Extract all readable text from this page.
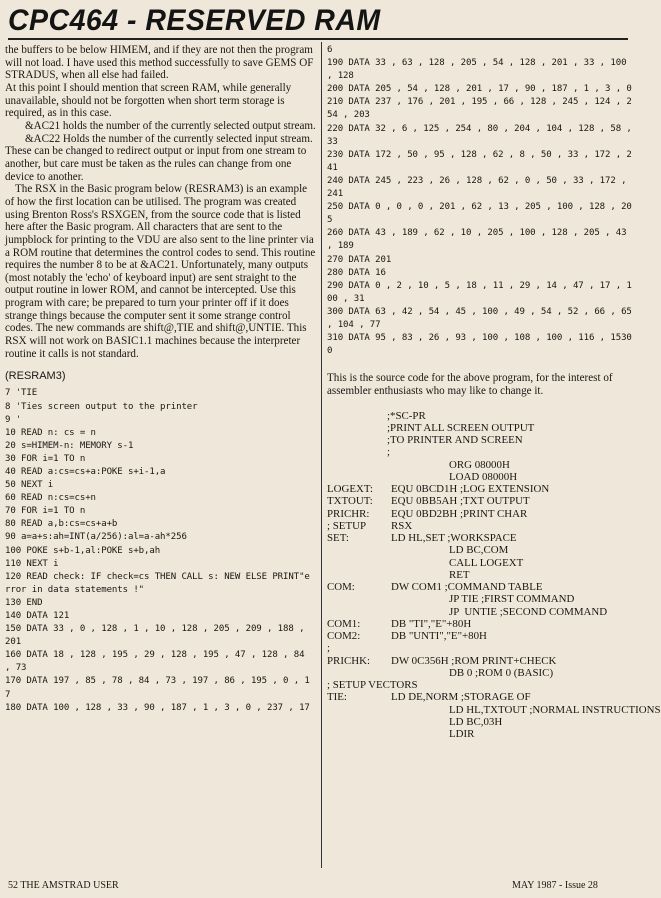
CPC464 - RESERVED RAM

the buffers to be below HIMEM, and if they are not then the program will not load. I have used this method successfully to save GEMS OF STRADUS, when all else had failed.

At this point I should mention that screen RAM, while generally unavailable, should not be forgotten when short term storage is required, as in this case.

&AC21 holds the number of the currently selected output stream.

&AC22 Holds the number of the currently selected input stream.

These can be changed to redirect output or input from one stream to another, but care must be taken as the rules can change from one device to another.

The RSX in the Basic program below (RESRAM3) is an example of how the first location can be utilised. The program was created using Brenton Ross's RSXGEN, from the source code that is listed here after the Basic program. All characters that are sent to the jumpblock for printing to the VDU are also sent to the line printer via a ROM routine that determines the control codes to send. This routine requires the number 8 to be at &AC21. Unfortunately, many outputs (most notably the 'echo' of keyboard input) are sent straight to the output routine in lower ROM, and cannot be intercepted. Use this program with care; be prepared to turn your printer off if it does strange things because the computer sent it some strange control codes. The new commands are shift@,TIE and shift@,UNTIE. This RSX will not work on BASIC1.1 machines because the interpreter routine it calls is not standard.

(RESRAM3)
7 'TIE
8 'Ties screen output to the printer
9 '
10 READ n: cs = n
20 s=HIMEM-n: MEMORY s-1
30 FOR i=1 TO n
40 READ a:cs=cs+a:POKE s+i-1,a
50 NEXT i
60 READ n:cs=cs+n
70 FOR i=1 TO n
80 READ a,b:cs=cs+a+b
90 a=a+s:ah=INT(a/256):al=a-ah*256
100 POKE s+b-1,al:POKE s+b,ah
110 NEXT i
120 READ check: IF check=cs THEN CALL s: NEW ELSE PRINT"e
rror in data statements !"
130 END
140 DATA 121
150 DATA 33 , 0 , 128 , 1 , 10 , 128 , 205 , 209 , 188 ,
201
160 DATA 18 , 128 , 195 , 29 , 128 , 195 , 47 , 128 , 84
, 73
170 DATA 197 , 85 , 78 , 84 , 73 , 197 , 86 , 195 , 0 , 1
7
180 DATA 100 , 128 , 33 , 90 , 187 , 1 , 3 , 0 , 237 , 17
6
190 DATA 33 , 63 , 128 , 205 , 54 , 128 , 201 , 33 , 100
, 128
200 DATA 205 , 54 , 128 , 201 , 17 , 90 , 187 , 1 , 3 , 0
210 DATA 237 , 176 , 201 , 195 , 66 , 128 , 245 , 124 , 2
54 , 203
220 DATA 32 , 6 , 125 , 254 , 80 , 204 , 104 , 128 , 58 ,
33
230 DATA 172 , 50 , 95 , 128 , 62 , 8 , 50 , 33 , 172 , 2
41
240 DATA 245 , 223 , 26 , 128 , 62 , 0 , 50 , 33 , 172 ,
241
250 DATA 0 , 0 , 0 , 201 , 62 , 13 , 205 , 100 , 128 , 20
5
260 DATA 43 , 189 , 62 , 10 , 205 , 100 , 128 , 205 , 43
, 189
270 DATA 201
280 DATA 16
290 DATA 0 , 2 , 10 , 5 , 18 , 11 , 29 , 14 , 47 , 17 , 1
00 , 31
300 DATA 63 , 42 , 54 , 45 , 100 , 49 , 54 , 52 , 66 , 65
, 104 , 77
310 DATA 95 , 83 , 26 , 93 , 100 , 108 , 100 , 116 , 1530
0
This is the source code for the above program, for the interest of assembler enthusiasts who may like to change it.
;*SC-PR
;PRINT ALL SCREEN OUTPUT
;TO PRINTER AND SCREEN
;
ORG 08000H
LOAD 08000H
LOGEXT:	EQU 0BCD1H ;LOG EXTENSION
TXTOUT:	EQU 0BB5AH ;TXT OUTPUT
PRICHR:	EQU 0BD2BH ;PRINT CHAR
; SETUP	RSX
SET:	LD HL,SET ;WORKSPACE
LD BC,COM
CALL LOGEXT
RET
COM:	DW COM1 ;COMMAND TABLE
JP TIE ;FIRST COMMAND
JP  UNTIE ;SECOND COMMAND
COM1:	DB "TI","E"+80H
COM2:	DB "UNTI","E"+80H
;
PRICHK:	DW 0C356H ;ROM PRINT+CHECK
DB 0 ;ROM 0 (BASIC)
; SETUP VECTORS
TIE:	LD DE,NORM ;STORAGE OF
LD HL,TXTOUT ;NORMAL INSTRUCTIONS
LD BC,03H
LDIR
52 THE AMSTRAD USER	MAY 1987 - Issue 28
